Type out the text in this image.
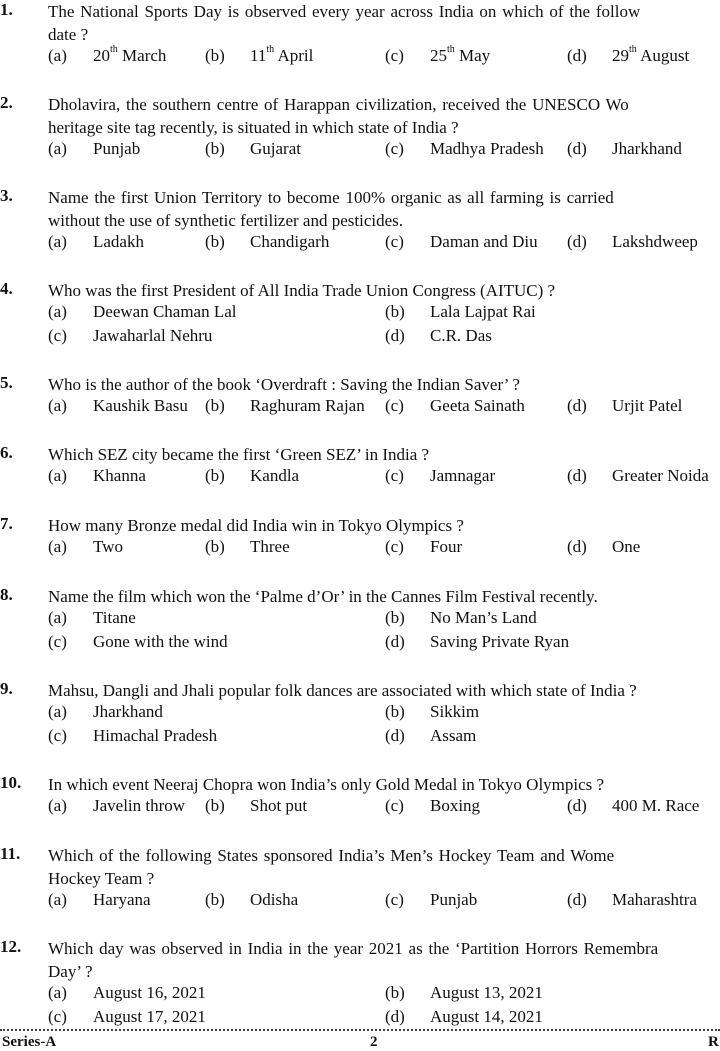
1. The National Sports Day is observed every year across India on which of the follow
date ?
(a) 20th March (b) 11th April	(c) 25th May	(d) 29th August
2. Dholavira, the southern centre of Harappan civilization, received the UNESCO Wo
heritage site tag recently, is situated in which state of India ?
(a) Punjab	(b) Gujarat	(c) Madhya Pradesh (d) Jharkhand
3. Name the first Union Territory to become 100% organic as all farming is carried
without the use of synthetic fertilizer and pesticides.
(a) Ladakh	(b) Chandigarh	(c) Daman and Diu (d) Lakshdweep
4. Who was the first President of All India Trade Union Congress (AITUC) ?
(a) Deewan Chaman Lal	(b) Lala Lajpat Rai
(c) Jawaharlal Nehru	(d) C.R. Das
5. Who is the author of the book ‘Overdraft : Saving the Indian Saver’ ?
(a) Kaushik Basu (b) Raghuram Rajan (c) Geeta Sainath (d) Urjit Patel
6. Which SEZ city became the first ‘Green SEZ’ in India ?
(a) Khanna	(b) Kandla	(c) Jamnagar	(d) Greater Noida
7. How many Bronze medal did India win in Tokyo Olympics ?
(a) Two	(b) Three	(c) Four	(d) One
8. Name the film which won the ‘Palme d’Or’ in the Cannes Film Festival recently.
(a) Titane	(b) No Man’s Land
(c) Gone with the wind	(d) Saving Private Ryan
9. Mahsu, Dangli and Jhali popular folk dances are associated with which state of India ?
(a) Jharkhand	(b) Sikkim
(c) Himachal Pradesh	(d) Assam
10. In which event Neeraj Chopra won India’s only Gold Medal in Tokyo Olympics ?
(a) Javelin throw (b) Shot put	(c) Boxing	(d) 400 M. Race
11. Which of the following States sponsored India’s Men’s Hockey Team and Wome
Hockey Team ?
(a) Haryana	(b) Odisha	(c) Punjab	(d) Maharashtra
12. Which day was observed in India in the year 2021 as the ‘Partition Horrors Remembra
Day’ ?
(a) August 16, 2021	(b) August 13, 2021
(c) August 17, 2021	(d) August 14, 2021
Series-A	2	R
